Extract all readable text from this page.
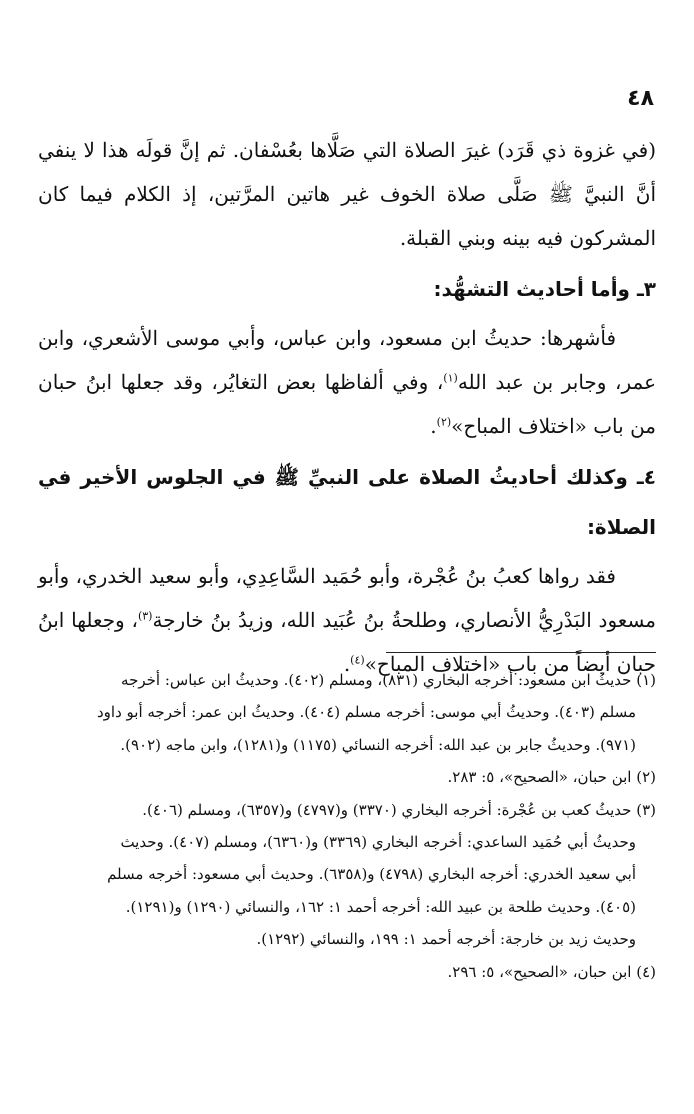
٤٨

(في غزوة ذي قَرَد) غيرَ الصلاة التي صَلَّاها بعُسْفان. ثم إنَّ قولَه هذا لا ينفي أنَّ النبيَّ ﷺ صَلَّى صلاة الخوف غير هاتين المرَّتين، إذ الكلام فيما كان المشركون فيه بينه وبني القبلة.

٣ـ وأما أحاديث التشهُّد:

فأشهرها: حديثُ ابن مسعود، وابن عباس، وأبي موسى الأشعري، وابن عمر، وجابر بن عبد الله$^{(١)}$، وفي ألفاظها بعض التغايُر، وقد جعلها ابنُ حبان من باب «اختلاف المباح»$^{(٢)}$.

٤ـ وكذلك أحاديثُ الصلاة على النبيِّ ﷺ في الجلوس الأخير في الصلاة:

فقد رواها كعبُ بنُ عُجْرة، وأبو حُمَيد السَّاعِدِي، وأبو سعيد الخدري، وأبو مسعود البَدْرِيُّ الأنصاري، وطلحةُ بنُ عُبَيد الله، وزيدُ بنُ خارجة$^{(٣)}$، وجعلها ابنُ حبان أيضاً من باب «اختلاف المباح»$^{(٤)}$.

(١) حديثُ ابن مسعود: أخرجه البخاري (٨٣١)، ومسلم (٤٠٢). وحديثُ ابن عباس: أخرجه

مسلم (٤٠٣). وحديثُ أبي موسى: أخرجه مسلم (٤٠٤). وحديثُ ابن عمر: أخرجه أبو داود

(٩٧١). وحديثُ جابر بن عبد الله: أخرجه النسائي (١١٧٥) و(١٢٨١)، وابن ماجه (٩٠٢).

(٢) ابن حبان، «الصحيح»، ٥: ٢٨٣.

(٣) حديثُ كعب بن عُجْرة: أخرجه البخاري (٣٣٧٠) و(٤٧٩٧) و(٦٣٥٧)، ومسلم (٤٠٦).

وحديثُ أبي حُمَيد الساعدي: أخرجه البخاري (٣٣٦٩) و(٦٣٦٠)، ومسلم (٤٠٧). وحديث

أبي سعيد الخدري: أخرجه البخاري (٤٧٩٨) و(٦٣٥٨). وحديث أبي مسعود: أخرجه مسلم

(٤٠٥). وحديث طلحة بن عبيد الله: أخرجه أحمد ١: ١٦٢، والنسائي (١٢٩٠) و(١٢٩١).

وحديث زيد بن خارجة: أخرجه أحمد ١: ١٩٩، والنسائي (١٢٩٢).

(٤) ابن حبان، «الصحيح»، ٥: ٢٩٦.
